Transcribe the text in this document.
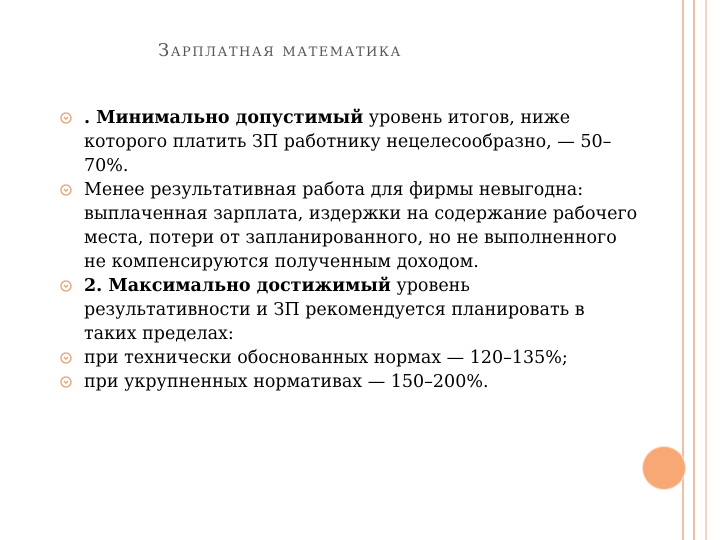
Зарплатная математика
. Минимально допустимый уровень итогов, ниже которого платить ЗП работнику нецелесообразно, — 50–70%.
Менее результативная работа для фирмы невыгодна: выплаченная зарплата, издержки на содержание рабочего места, потери от запланированного, но не выполненного не компенсируются полученным доходом.
2. Максимально достижимый уровень результативности и ЗП рекомендуется планировать в таких пределах:
при технически обоснованных нормах — 120–135%;
при укрупненных нормативах — 150–200%.
